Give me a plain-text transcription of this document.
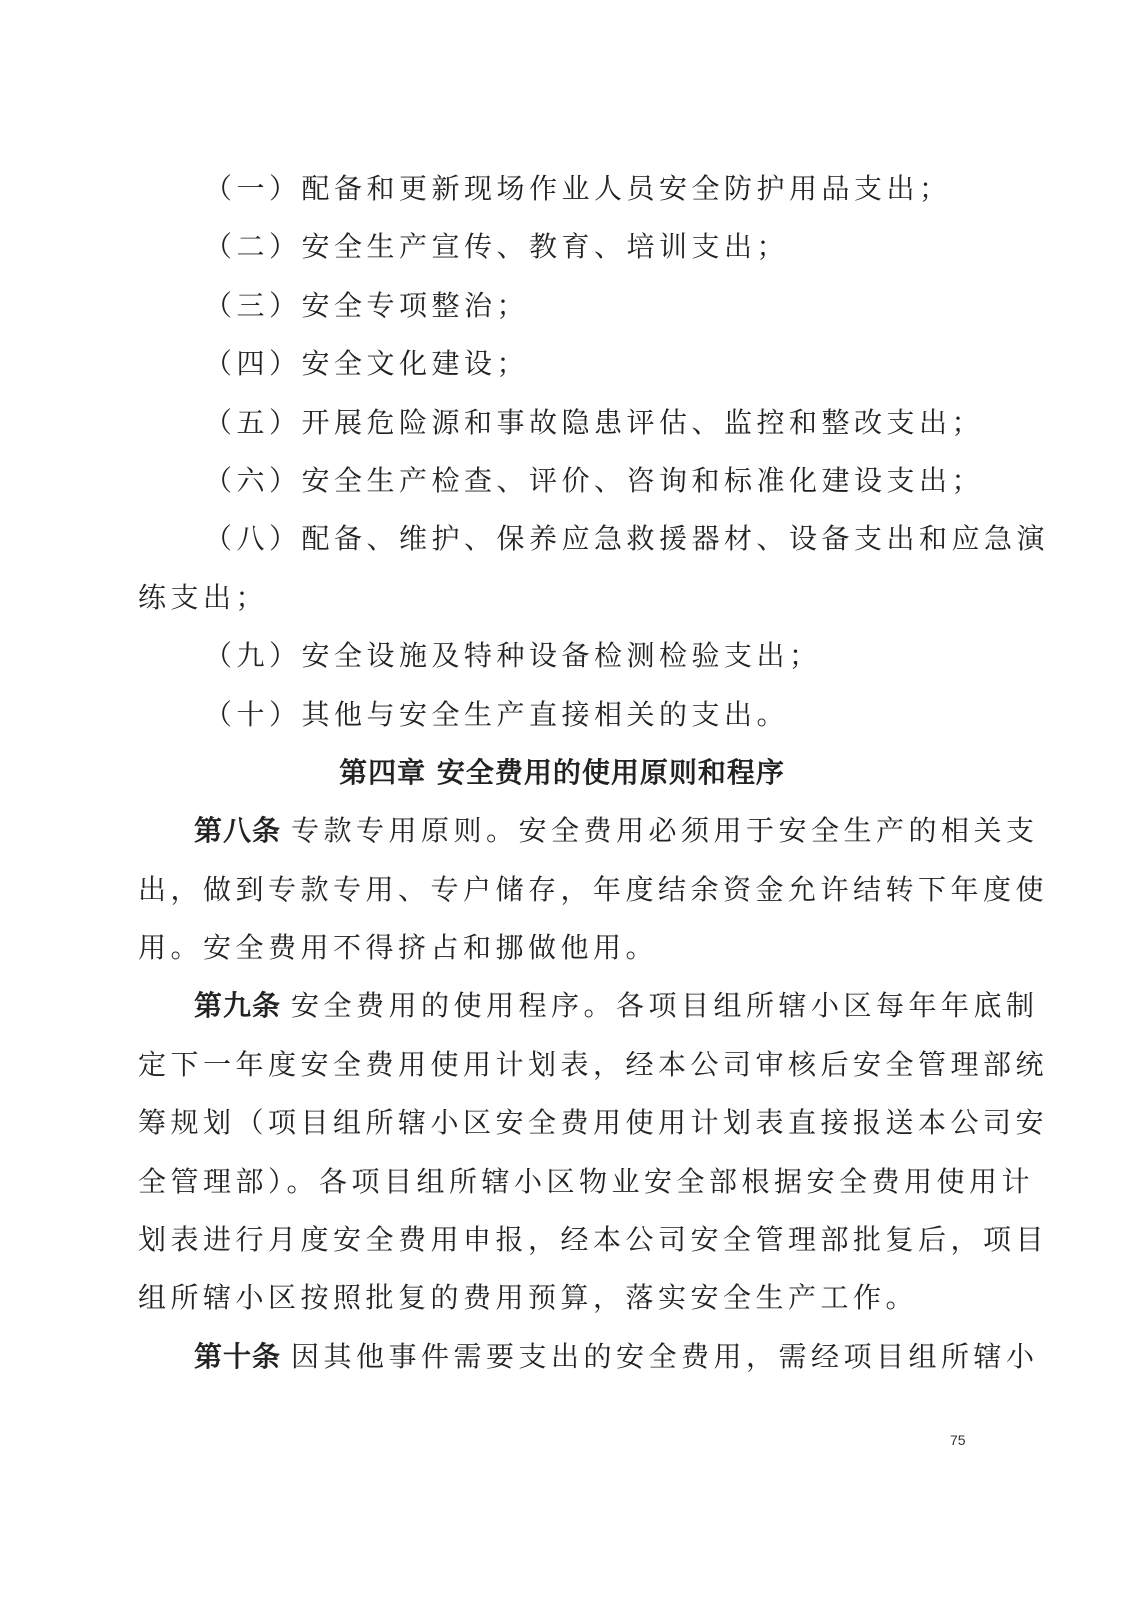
（一）配备和更新现场作业人员安全防护用品支出；
（二）安全生产宣传、教育、培训支出；
（三）安全专项整治；
（四）安全文化建设；
（五）开展危险源和事故隐患评估、监控和整改支出；
（六）安全生产检查、评价、咨询和标准化建设支出；
（八）配备、维护、保养应急救援器材、设备支出和应急演
练支出；
（九）安全设施及特种设备检测检验支出；
（十）其他与安全生产直接相关的支出。
第四章 安全费用的使用原则和程序
第八条 专款专用原则。安全费用必须用于安全生产的相关支
出，做到专款专用、专户储存，年度结余资金允许结转下年度使
用。安全费用不得挤占和挪做他用。
第九条 安全费用的使用程序。各项目组所辖小区每年年底制
定下一年度安全费用使用计划表，经本公司审核后安全管理部统
筹规划（项目组所辖小区安全费用使用计划表直接报送本公司安
全管理部）。各项目组所辖小区物业安全部根据安全费用使用计
划表进行月度安全费用申报，经本公司安全管理部批复后，项目
组所辖小区按照批复的费用预算，落实安全生产工作。
第十条 因其他事件需要支出的安全费用，需经项目组所辖小
75
